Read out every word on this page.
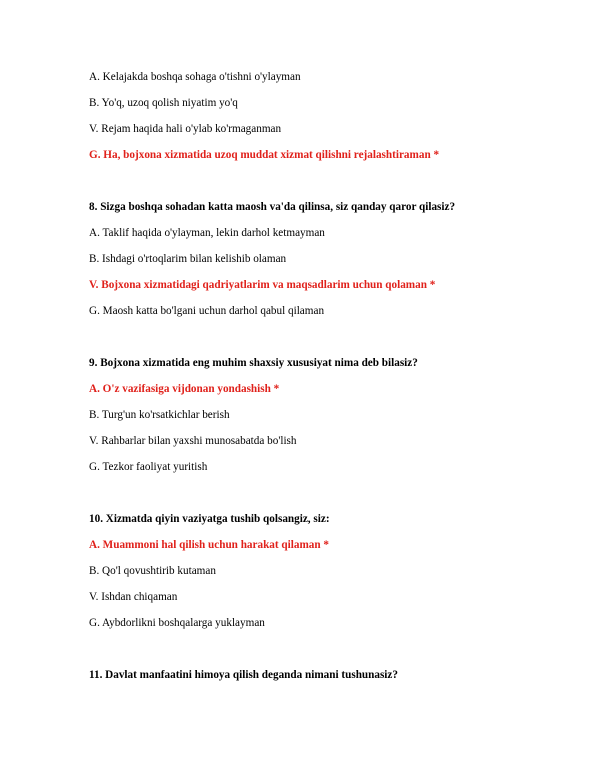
A. Kelajakda boshqa sohaga o'tishni o'ylayman
B. Yo'q, uzoq qolish niyatim yo'q
V. Rejam haqida hali o'ylab ko'rmaganman
G. Ha, bojxona xizmatida uzoq muddat xizmat qilishni rejalashtiraman *
8. Sizga boshqa sohadan katta maosh va'da qilinsa, siz qanday qaror qilasiz?
A. Taklif haqida o'ylayman, lekin darhol ketmayman
B. Ishdagi o'rtoqlarim bilan kelishib olaman
V. Bojxona xizmatidagi qadriyatlarim va maqsadlarim uchun qolaman *
G. Maosh katta bo'lgani uchun darhol qabul qilaman
9. Bojxona xizmatida eng muhim shaxsiy xususiyat nima deb bilasiz?
A. O'z vazifasiga vijdonan yondashish *
B. Turg'un ko'rsatkichlar berish
V. Rahbarlar bilan yaxshi munosabatda bo'lish
G. Tezkor faoliyat yuritish
10. Xizmatda qiyin vaziyatga tushib qolsangiz, siz:
A. Muammoni hal qilish uchun harakat qilaman *
B. Qo'l qovushtirib kutaman
V. Ishdan chiqaman
G. Aybdorlikni boshqalarga yuklayman
11. Davlat manfaatini himoya qilish deganda nimani tushunasiz?
